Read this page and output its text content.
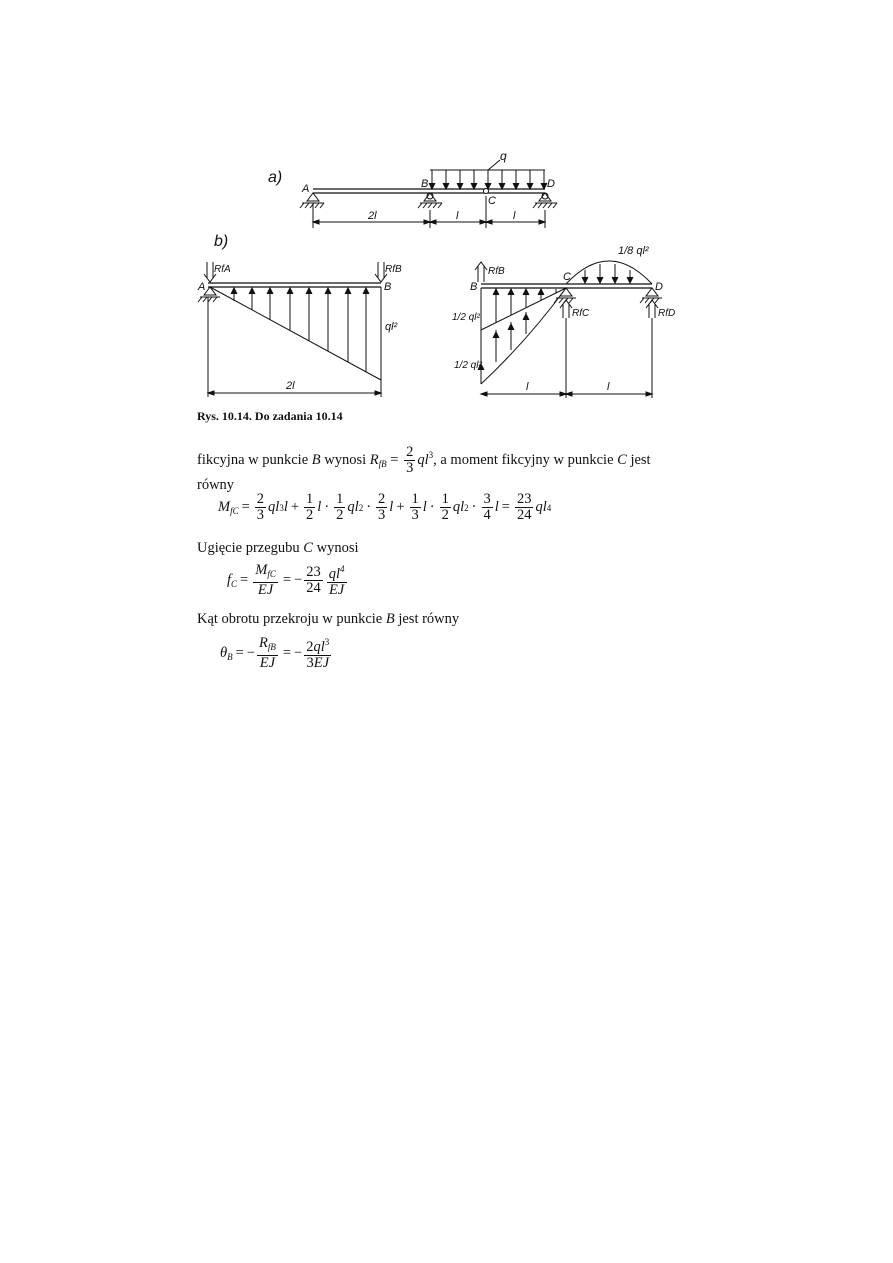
a)
q
A	B
C
D
2l	l	l
b)
RfA	RfB
A	B
ql²
2l
RfB
RfC	RfD
B
C
D
1/8 ql²
1/2 ql²
1/2 ql²
l	l
Rys. 10.14. Do zadania 10.14
fikcyjna w punkcie B wynosi $R_{fB} = \frac{2}{3} ql^3$, a moment fikcyjny w punkcie C jest
równy
$M_{fC} = \frac{2}{3}$ ql 3 $l + \frac{1}{2}$ $l \cdot \frac{1}{2}$ ql $2 \cdot \frac{2}{3}$ $l + \frac{1}{3}$ $l \cdot \frac{1}{2}$ ql $2 \cdot \frac{3}{4}$ $l = \frac{23}{24}$ ql 4
Ugięcie przegubu C wynosi
$f_C = \frac{M_{fC}}{EJ}$ = − $\frac{23}{24} \frac{ql^4}{EJ}$
Kąt obrotu przekroju w punkcie B jest równy
$\theta_B$ = − $\frac{R_{fB}}{EJ}$ = − $\frac{2ql^3}{3EJ}$
